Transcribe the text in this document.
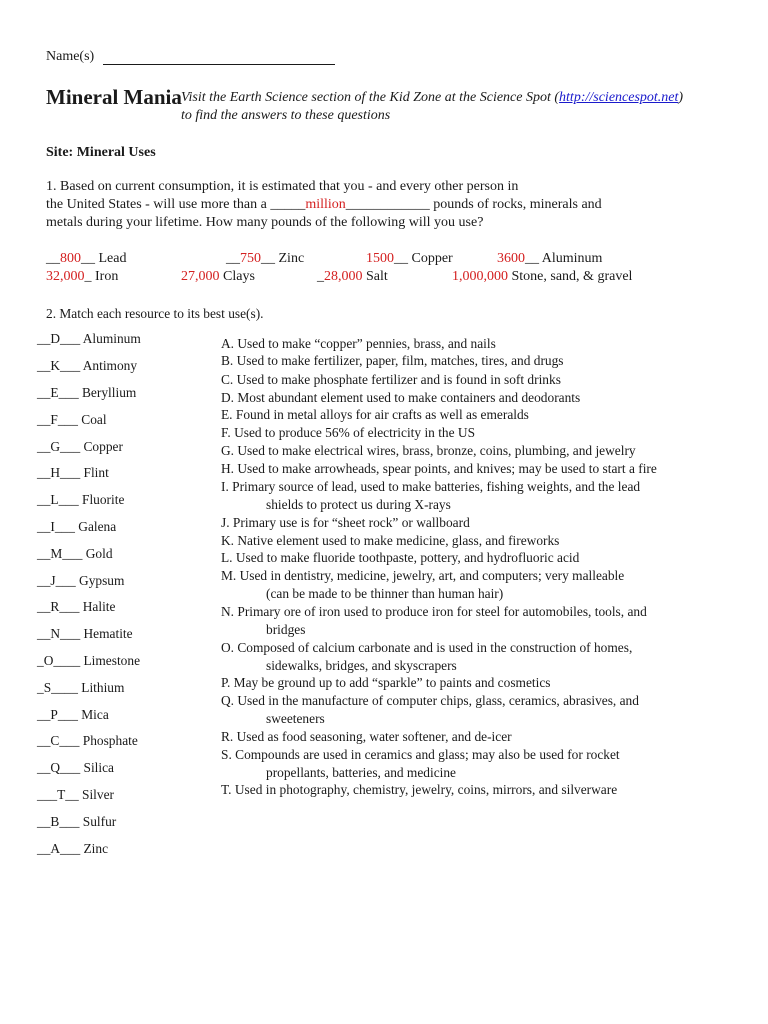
Name(s)
Mineral Mania Visit the Earth Science section of the Kid Zone at the Science Spot (http://sciencespot.net)
to find the answers to these questions
Site: Mineral Uses
1. Based on current consumption, it is estimated that you - and every other person in
the United States - will use more than a _____million____________ pounds of rocks, minerals and
metals during your lifetime. How many pounds of the following will you use?
__800__ Lead	__750__ Zinc	1500__ Copper	3600__ Aluminum
32,000_ Iron	27,000 Clays	_28,000 Salt	1,000,000 Stone, sand, & gravel
2. Match each resource to its best use(s).
__D___ Aluminum
__K___ Antimony
__E___ Beryllium
__F___ Coal
__G___ Copper
__H___ Flint
__L___ Fluorite
__I___ Galena
__M___ Gold
__J___ Gypsum
__R___ Halite
__N___ Hematite
_O____ Limestone
_S____ Lithium
__P___ Mica
__C___ Phosphate
__Q___ Silica
___T__ Silver
__B___ Sulfur
__A___ Zinc
A. Used to make “copper” pennies, brass, and nails
B. Used to make fertilizer, paper, film, matches, tires, and drugs
C. Used to make phosphate fertilizer and is found in soft drinks
D. Most abundant element used to make containers and deodorants
E. Found in metal alloys for air crafts as well as emeralds
F. Used to produce 56% of electricity in the US
G. Used to make electrical wires, brass, bronze, coins, plumbing, and jewelry
H. Used to make arrowheads, spear points, and knives; may be used to start a fire
I. Primary source of lead, used to make batteries, fishing weights, and the lead
shields to protect us during X-rays
J. Primary use is for “sheet rock” or wallboard
K. Native element used to make medicine, glass, and fireworks
L. Used to make fluoride toothpaste, pottery, and hydrofluoric acid
M. Used in dentistry, medicine, jewelry, art, and computers; very malleable
(can be made to be thinner than human hair)
N. Primary ore of iron used to produce iron for steel for automobiles, tools, and
bridges
O. Composed of calcium carbonate and is used in the construction of homes,
sidewalks, bridges, and skyscrapers
P. May be ground up to add “sparkle” to paints and cosmetics
Q. Used in the manufacture of computer chips, glass, ceramics, abrasives, and
sweeteners
R. Used as food seasoning, water softener, and de-icer
S. Compounds are used in ceramics and glass; may also be used for rocket
propellants, batteries, and medicine
T. Used in photography, chemistry, jewelry, coins, mirrors, and silverware
